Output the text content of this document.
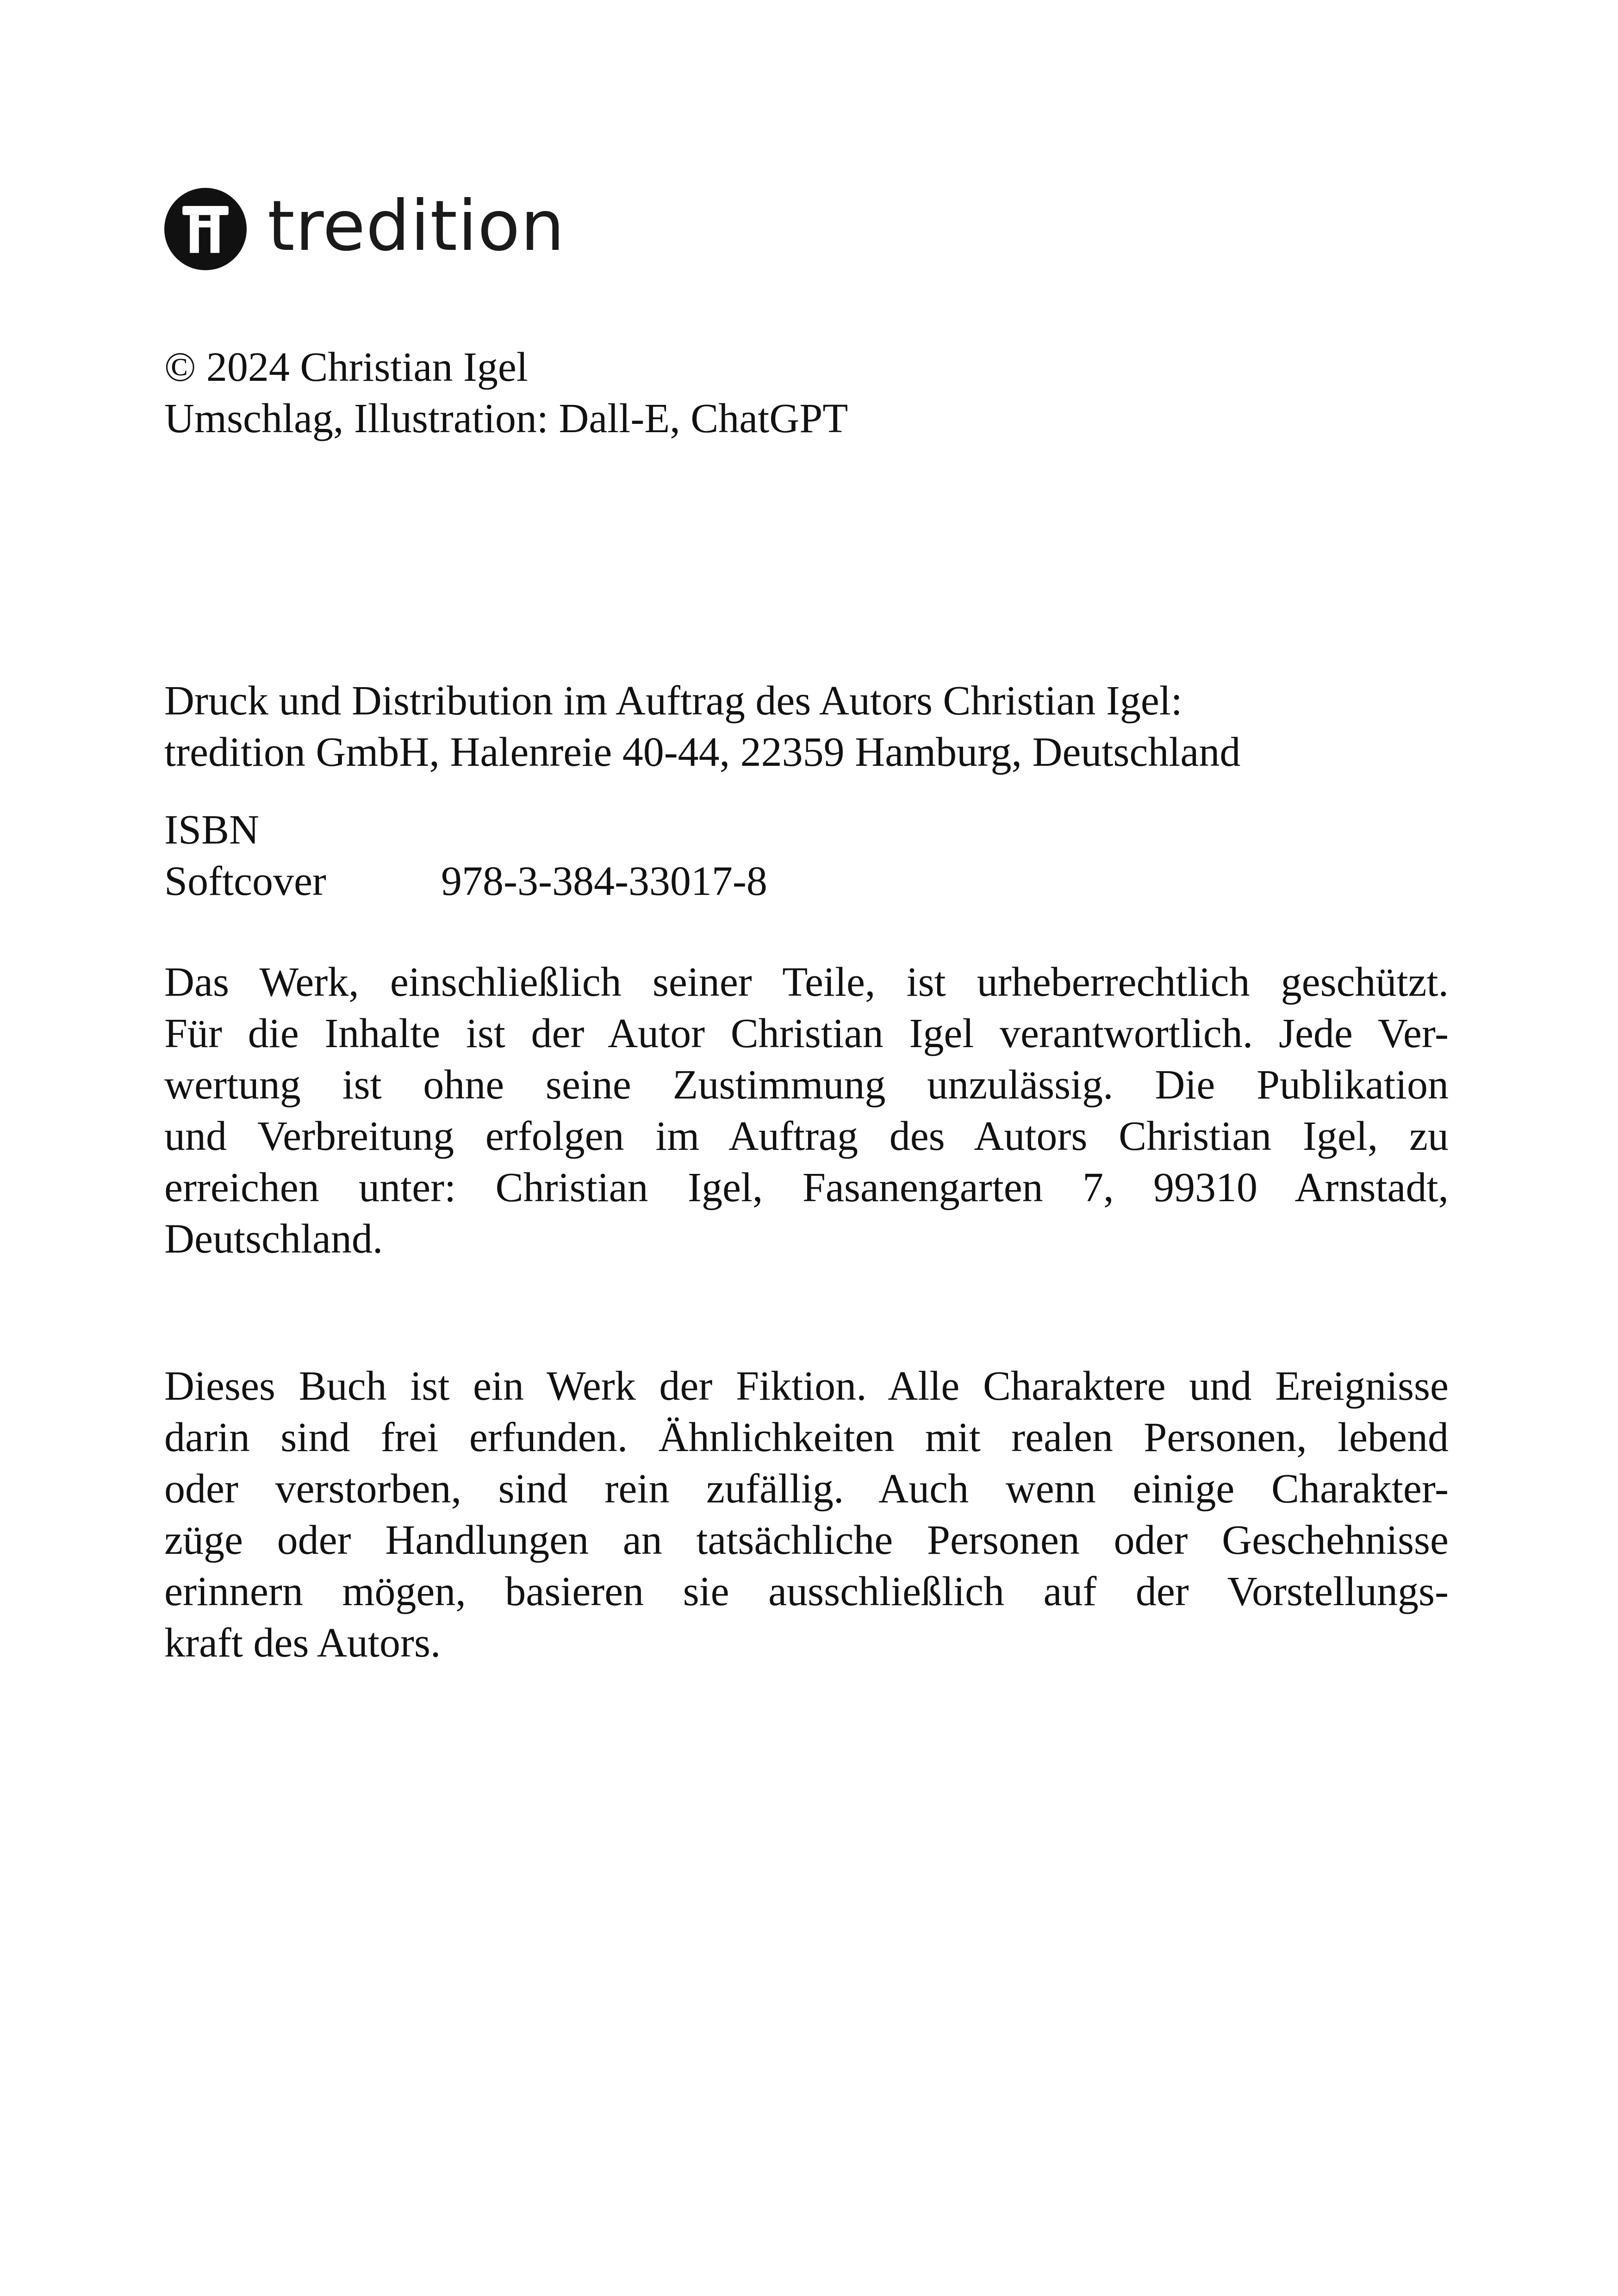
tredition

© 2024 Christian Igel

Umschlag, Illustration: Dall-E, ChatGPT

Druck und Distribution im Auftrag des Autors Christian Igel:

tredition GmbH, Halenreie 40-44, 22359 Hamburg, Deutschland

ISBN

Softcover	978-3-384-33017-8
Das Werk, einschließlich seiner Teile, ist urheberrechtlich geschützt.
Für die Inhalte ist der Autor Christian Igel verantwortlich. Jede Ver-
wertung ist ohne seine Zustimmung unzulässig. Die Publikation
und Verbreitung erfolgen im Auftrag des Autors Christian Igel, zu
erreichen unter: Christian Igel, Fasanengarten 7, 99310 Arnstadt,
Deutschland.
Dieses Buch ist ein Werk der Fiktion. Alle Charaktere und Ereignisse
darin sind frei erfunden. Ähnlichkeiten mit realen Personen, lebend
oder verstorben, sind rein zufällig. Auch wenn einige Charakter-
züge oder Handlungen an tatsächliche Personen oder Geschehnisse
erinnern mögen, basieren sie ausschließlich auf der Vorstellungs-
kraft des Autors.
